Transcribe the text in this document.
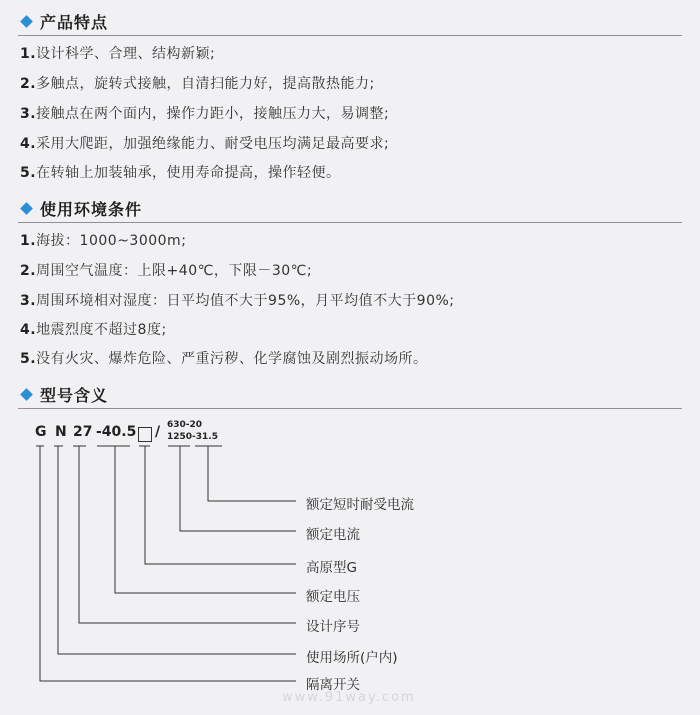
产品特点
1.设计科学、合理、结构新颖;
2.多触点，旋转式接触，自清扫能力好，提高散热能力;
3.接触点在两个面内，操作力距小，接触压力大，易调整;
4.采用大爬距，加强绝缘能力、耐受电压均满足最高要求;
5.在转轴上加装轴承，使用寿命提高，操作轻便。
使用环境条件
1.海拔：1000~3000m;
2.周围空气温度：上限+40℃，下限－30℃;
3.周围环境相对湿度：日平均值不大于95%，月平均值不大于90%;
4.地震烈度不超过8度;
5.没有火灾、爆炸危险、严重污秽、化学腐蚀及剧烈振动场所。
型号含义
G N 27 -40.5 / 630-20
1250-31.5
额定短时耐受电流
额定电流
高原型G
额定电压
设计序号
使用场所(户内)
隔离开关
www.91way.com
